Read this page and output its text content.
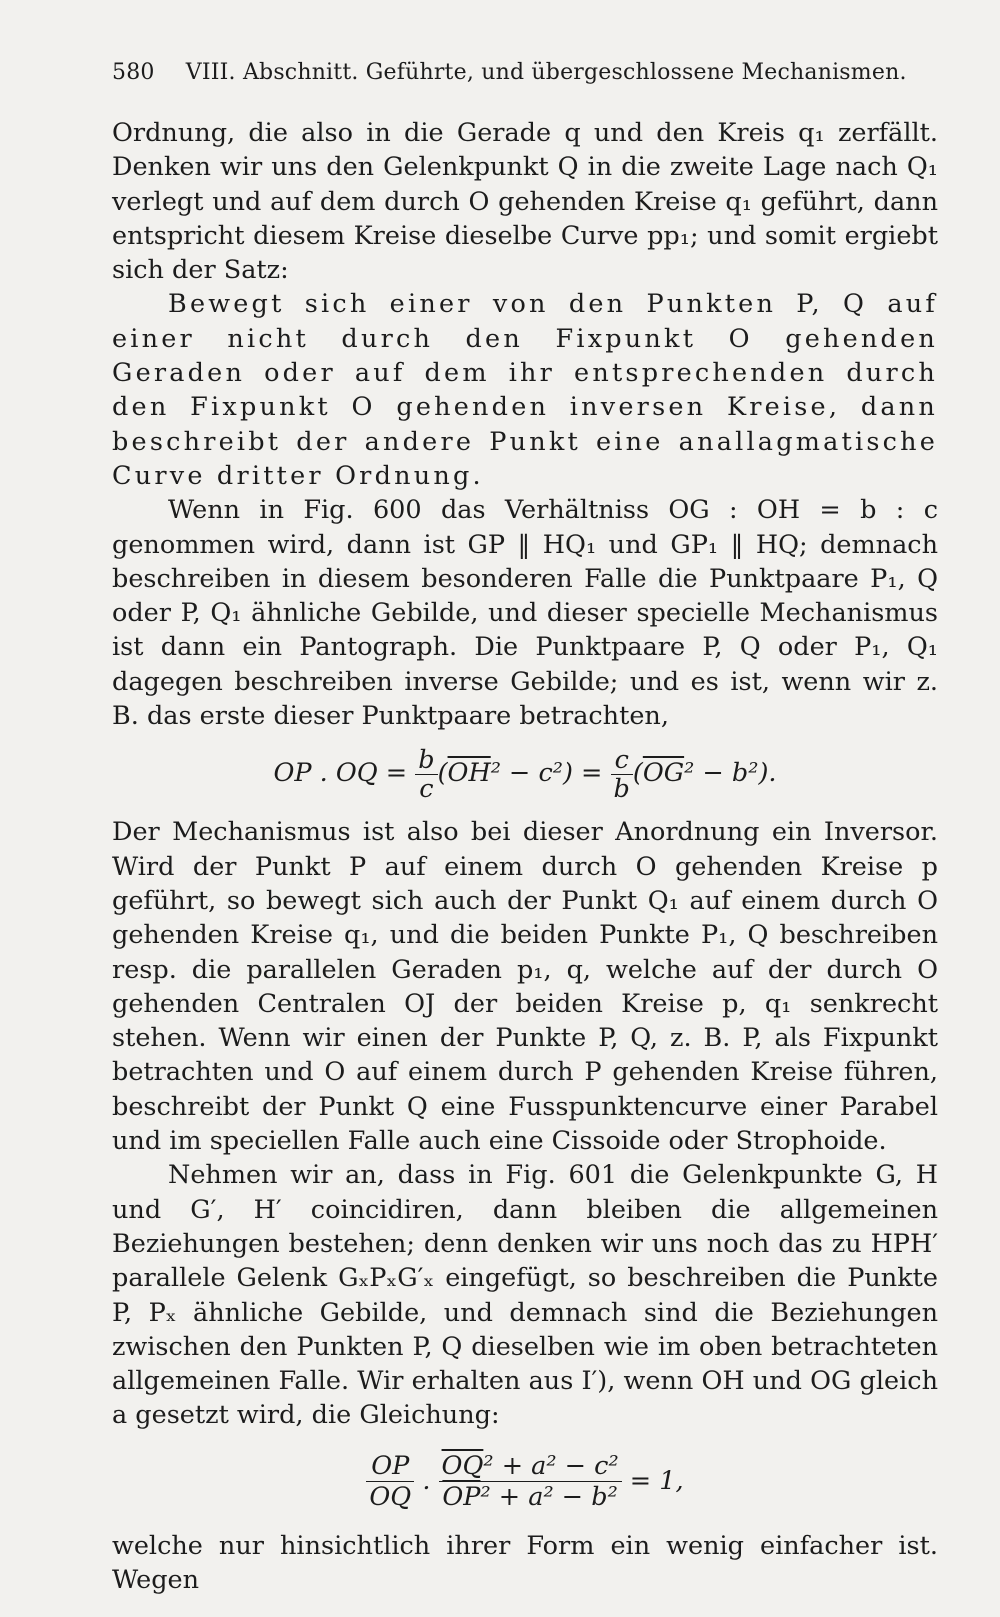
580 VIII. Abschnitt. Geführte, und übergeschlossene Mechanismen.

Ordnung, die also in die Gerade q und den Kreis q₁ zerfällt. Denken wir uns den Gelenkpunkt Q in die zweite Lage nach Q₁ verlegt und auf dem durch O gehenden Kreise q₁ geführt, dann entspricht diesem Kreise dieselbe Curve pp₁; und somit ergiebt sich der Satz:

Bewegt sich einer von den Punkten P, Q auf einer nicht durch den Fixpunkt O gehenden Geraden oder auf dem ihr entsprechenden durch den Fixpunkt O gehenden inversen Kreise, dann beschreibt der andere Punkt eine anallagmatische Curve dritter Ordnung.

Wenn in Fig. 600 das Verhältniss OG : OH = b : c genommen wird, dann ist GP ‖ HQ₁ und GP₁ ‖ HQ; demnach beschreiben in diesem besonderen Falle die Punktpaare P₁, Q oder P, Q₁ ähnliche Gebilde, und dieser specielle Mechanismus ist dann ein Pantograph. Die Punktpaare P, Q oder P₁, Q₁ dagegen beschreiben inverse Gebilde; und es ist, wenn wir z. B. das erste dieser Punktpaare betrachten,

OP . OQ = $\frac{b}{c} (\overline{OH}^2 - c^2) = \frac{c}{b} (\overline{OG}^2 - b^2)$.

Der Mechanismus ist also bei dieser Anordnung ein Inversor. Wird der Punkt P auf einem durch O gehenden Kreise p geführt, so bewegt sich auch der Punkt Q₁ auf einem durch O gehenden Kreise q₁, und die beiden Punkte P₁, Q beschreiben resp. die parallelen Geraden p₁, q, welche auf der durch O gehenden Centralen OJ der beiden Kreise p, q₁ senkrecht stehen. Wenn wir einen der Punkte P, Q, z. B. P, als Fixpunkt betrachten und O auf einem durch P gehenden Kreise führen, beschreibt der Punkt Q eine Fusspunktencurve einer Parabel und im speciellen Falle auch eine Cissoide oder Strophoide.

Nehmen wir an, dass in Fig. 601 die Gelenkpunkte G, H und G′, H′ coincidiren, dann bleiben die allgemeinen Beziehungen bestehen; denn denken wir uns noch das zu HPH′ parallele Gelenk GₓPₓG′ₓ eingefügt, so beschreiben die Punkte P, Pₓ ähnliche Gebilde, und demnach sind die Beziehungen zwischen den Punkten P, Q dieselben wie im oben betrachteten allgemeinen Falle. Wir erhalten aus I′), wenn OH und OG gleich a gesetzt wird, die Gleichung:

$\frac{OP}{OQ}$ . $\frac{\overline{OQ}^2 + a^2 - c^2}{\overline{OP}^2 + a^2 - b^2} = 1$,

welche nur hinsichtlich ihrer Form ein wenig einfacher ist. Wegen
